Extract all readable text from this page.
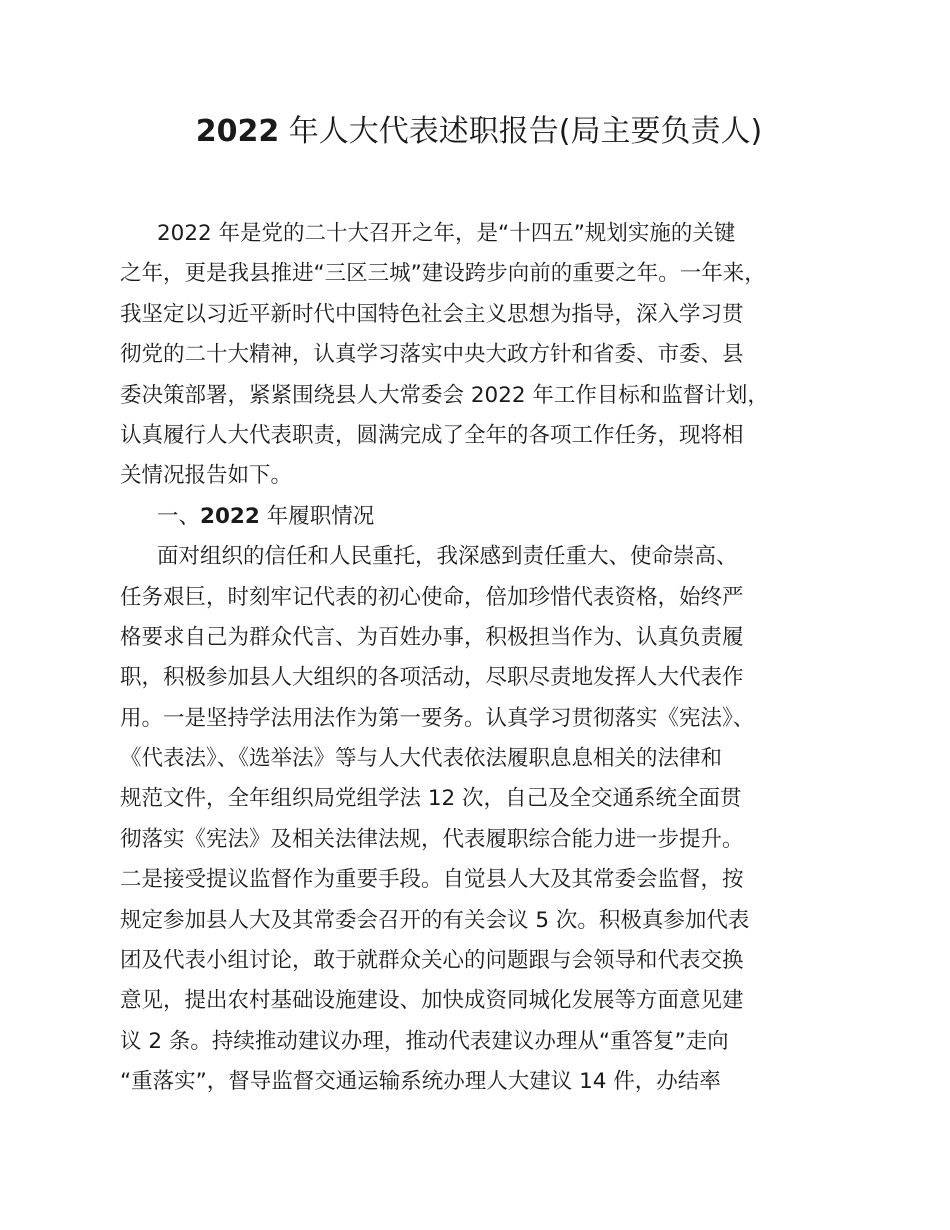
2022 年人大代表述职报告(局主要负责人)
2022 年是党的二十大召开之年，是“十四五”规划实施的关键
之年，更是我县推进“三区三城”建设跨步向前的重要之年。一年来，
我坚定以习近平新时代中国特色社会主义思想为指导，深入学习贯
彻党的二十大精神，认真学习落实中央大政方针和省委、市委、县
委决策部署，紧紧围绕县人大常委会 2022 年工作目标和监督计划，
认真履行人大代表职责，圆满完成了全年的各项工作任务，现将相
关情况报告如下。
一、2022 年履职情况
面对组织的信任和人民重托，我深感到责任重大、使命崇高、
任务艰巨，时刻牢记代表的初心使命，倍加珍惜代表资格，始终严
格要求自己为群众代言、为百姓办事，积极担当作为、认真负责履
职，积极参加县人大组织的各项活动，尽职尽责地发挥人大代表作
用。一是坚持学法用法作为第一要务。认真学习贯彻落实《宪法》、
《代表法》、《选举法》等与人大代表依法履职息息相关的法律和
规范文件，全年组织局党组学法 12 次，自己及全交通系统全面贯
彻落实《宪法》及相关法律法规，代表履职综合能力进一步提升。
二是接受提议监督作为重要手段。自觉县人大及其常委会监督，按
规定参加县人大及其常委会召开的有关会议 5 次。积极真参加代表
团及代表小组讨论，敢于就群众关心的问题跟与会领导和代表交换
意见，提出农村基础设施建设、加快成资同城化发展等方面意见建
议 2 条。持续推动建议办理，推动代表建议办理从“重答复”走向
“重落实”，督导监督交通运输系统办理人大建议 14 件，办结率
